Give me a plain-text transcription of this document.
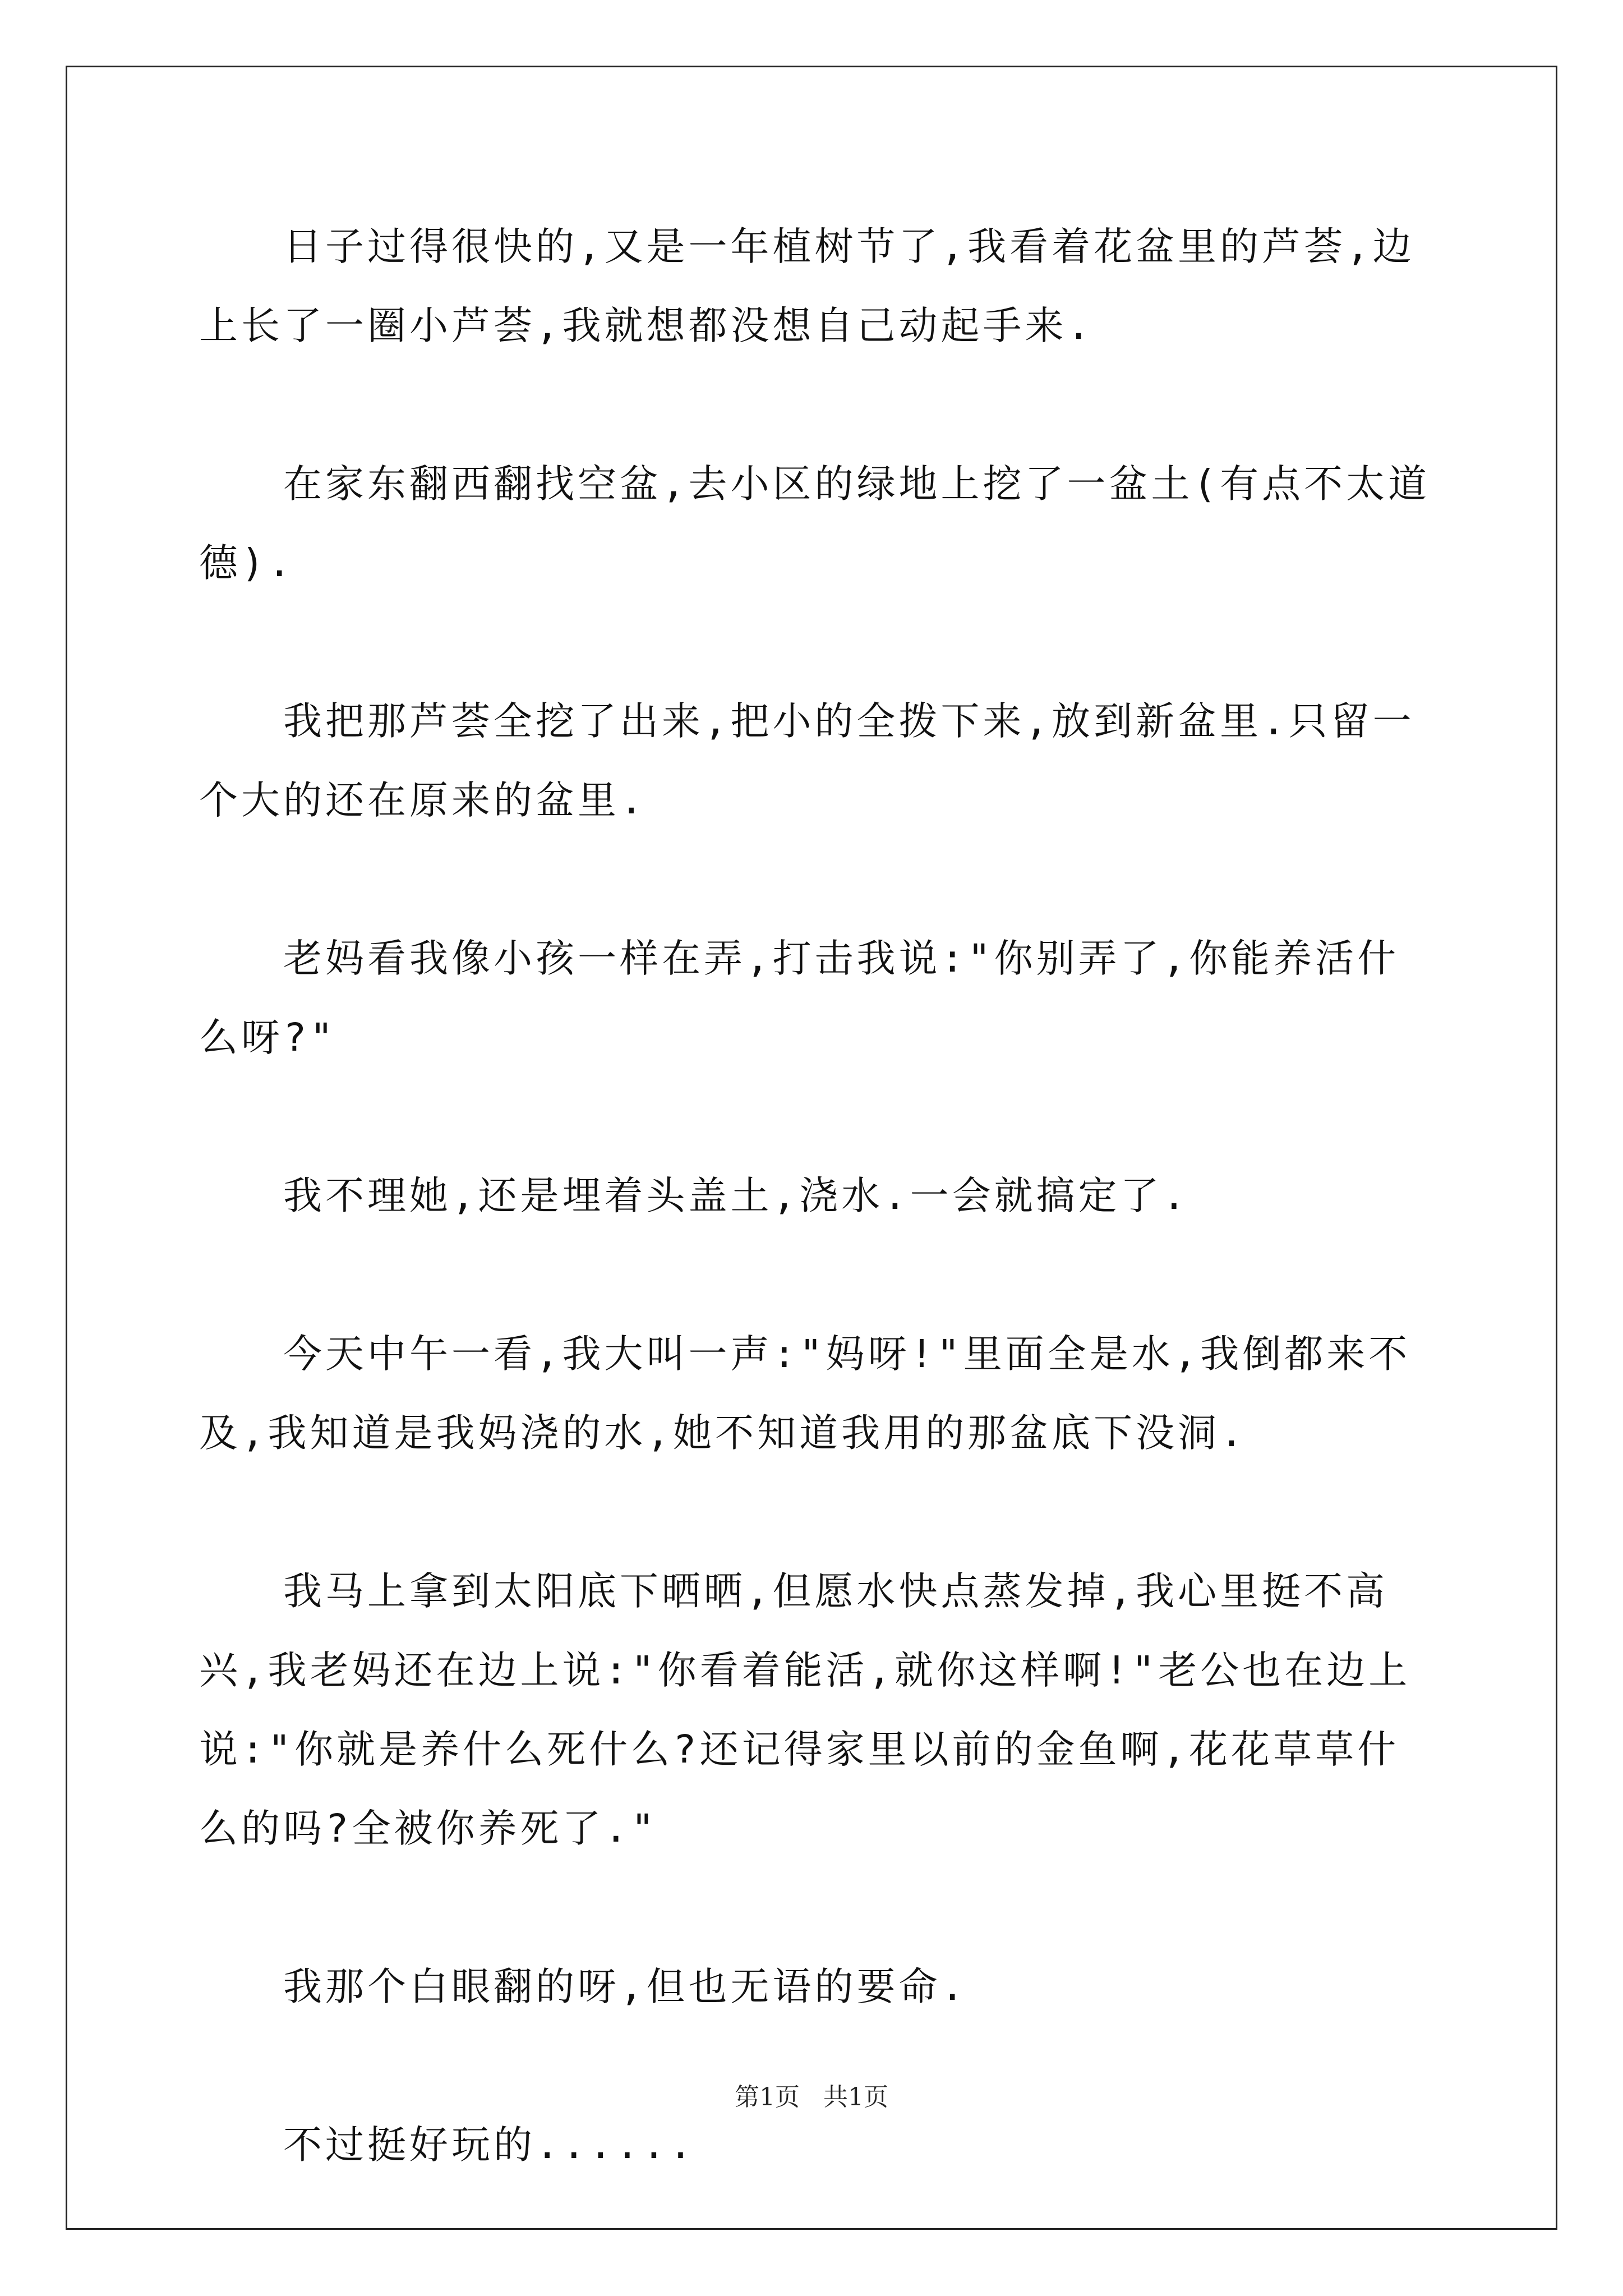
日子过得很快的,又是一年植树节了,我看着花盆里的芦荟,边上长了一圈小芦荟,我就想都没想自己动起手来.

在家东翻西翻找空盆,去小区的绿地上挖了一盆土(有点不太道德).

我把那芦荟全挖了出来,把小的全拨下来,放到新盆里.只留一个大的还在原来的盆里.

老妈看我像小孩一样在弄,打击我说:"你别弄了,你能养活什么呀?"

我不理她,还是埋着头盖土,浇水.一会就搞定了.

今天中午一看,我大叫一声:"妈呀!"里面全是水,我倒都来不及,我知道是我妈浇的水,她不知道我用的那盆底下没洞.

我马上拿到太阳底下晒晒,但愿水快点蒸发掉,我心里挺不高兴,我老妈还在边上说:"你看着能活,就你这样啊!"老公也在边上说:"你就是养什么死什么?还记得家里以前的金鱼啊,花花草草什么的吗?全被你养死了."

我那个白眼翻的呀,但也无语的要命.

不过挺好玩的......

第1页   共1页
